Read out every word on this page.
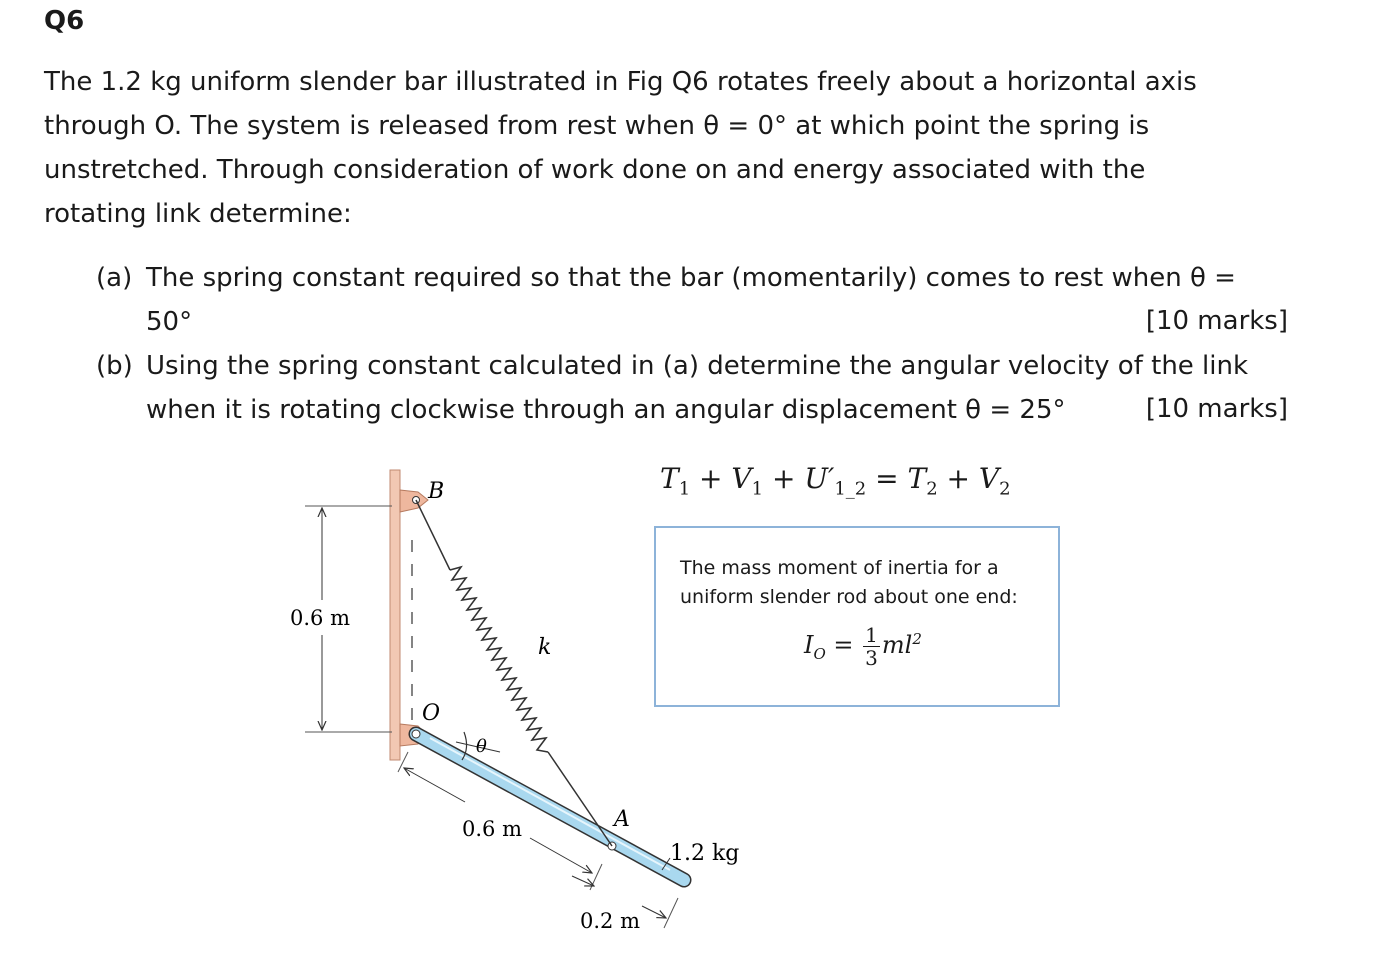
Q6

The 1.2 kg uniform slender bar illustrated in Fig Q6 rotates freely about a horizontal axis

through O. The system is released from rest when θ = 0° at which point the spring is

unstretched. Through consideration of work done on and energy associated with the

rotating link determine:

(a) The spring constant required so that the bar (momentarily) comes to rest when θ =
50°	[10 marks]
(b) Using the spring constant calculated in (a) determine the angular velocity of the link
when it is rotating clockwise through an angular displacement θ = 25°	[10 marks]
$T_1 + V_1 + U'_{1\_2} = T_2 + V_2$
The mass moment of inertia for a uniform slender rod about one end:
$I_O = \frac{1}{3} ml^2$
0.6 m
0.6 m
0.2 m
B
O
θ
k
A
1.2 kg
